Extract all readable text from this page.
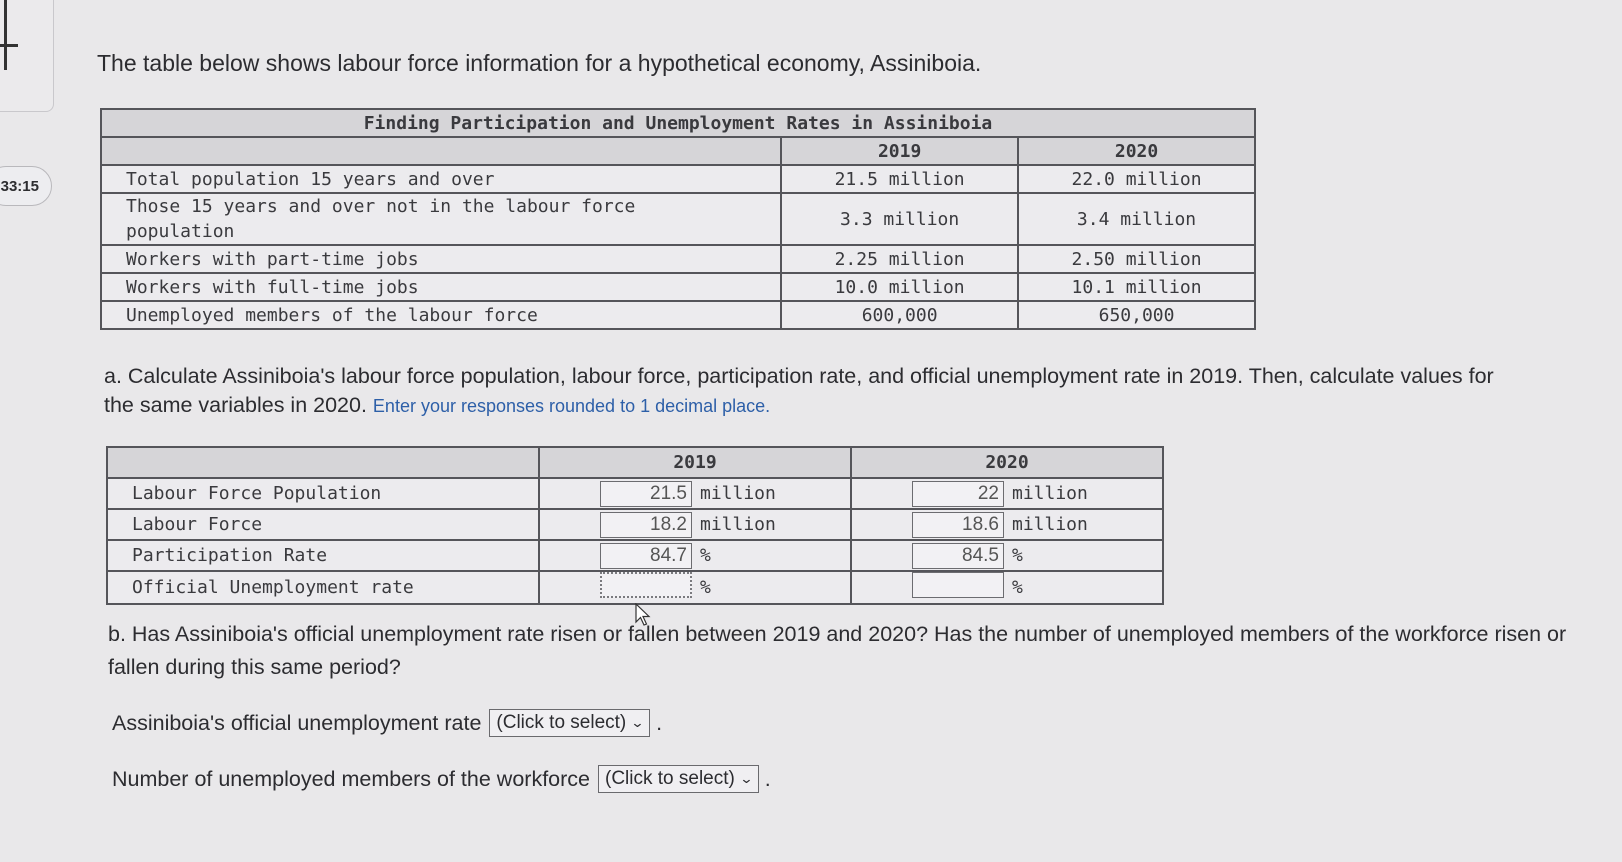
33:15
The table below shows labour force information for a hypothetical economy, Assiniboia.
Finding Participation and Unemployment Rates in Assiniboia		
	2019	2020
Total population 15 years and over	21.5 million	22.0 million

Those 15 years and over not in the labour force population	3.3 million	3.4 million
Workers with part-time jobs	2.25 million	2.50 million
Workers with full-time jobs	10.0 million	10.1 million
Unemployed members of the labour force	600,000	650,000
a. Calculate Assiniboia's labour force population, labour force, participation rate, and official unemployment rate in 2019. Then, calculate values for the same variables in 2020. Enter your responses rounded to 1 decimal place.
	2019			2020		
Labour Force Population		21.5	million		22	million
Labour Force		18.2	million		18.6	million
Participation Rate		84.7	%		84.5	%
Official Unemployment rate			%			%
b. Has Assiniboia's official unemployment rate risen or fallen between 2019 and 2020? Has the number of unemployed members of the workforce risen or fallen during this same period?
Assiniboia's official unemployment rate (Click to select) ⌄ .
Number of unemployed members of the workforce (Click to select) ⌄ .
